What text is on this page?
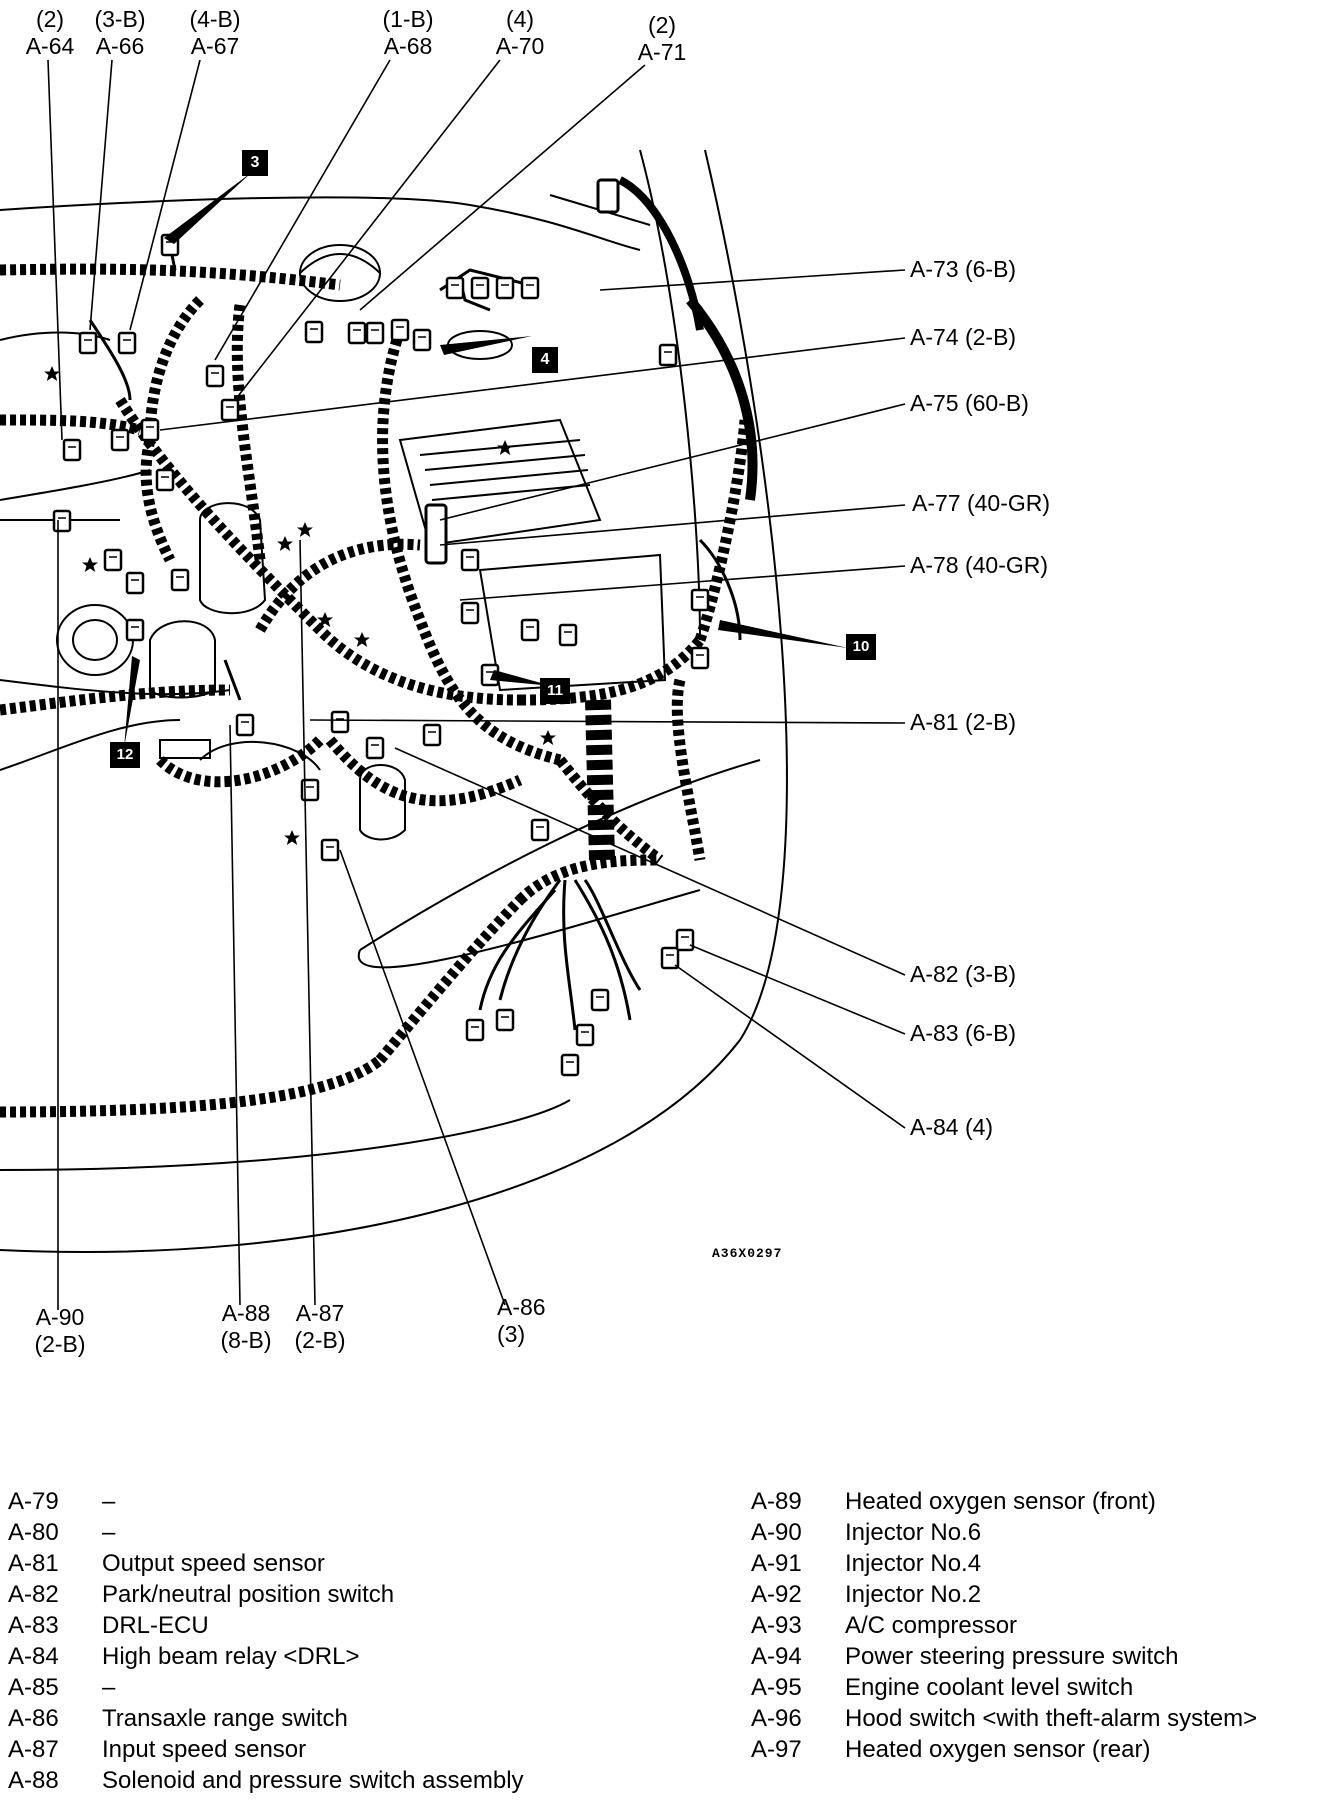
3
4
10
11
12
(2)
A-64
(3-B)
A-66
(4-B)
A-67
(1-B)
A-68
(4)
A-70
(2)
A-71
A-73 (6-B)
A-74 (2-B)
A-75 (60-B)
A-77 (40-GR)
A-78 (40-GR)
A-81 (2-B)
A-82 (3-B)
A-83 (6-B)
A-84 (4)
A36X0297
A-90
(2-B)
A-88
(8-B)
A-87
(2-B)
A-86
(3)
A-79 –
A-80 –
A-81 Output speed sensor
A-82 Park/neutral position switch
A-83 DRL-ECU
A-84 High beam relay <DRL>
A-85 –
A-86 Transaxle range switch
A-87 Input speed sensor
A-88 Solenoid and pressure switch assembly
A-89 Heated oxygen sensor (front)
A-90 Injector No.6
A-91 Injector No.4
A-92 Injector No.2
A-93 A/C compressor
A-94 Power steering pressure switch
A-95 Engine coolant level switch
A-96 Hood switch <with theft-alarm system>
A-97 Heated oxygen sensor (rear)
